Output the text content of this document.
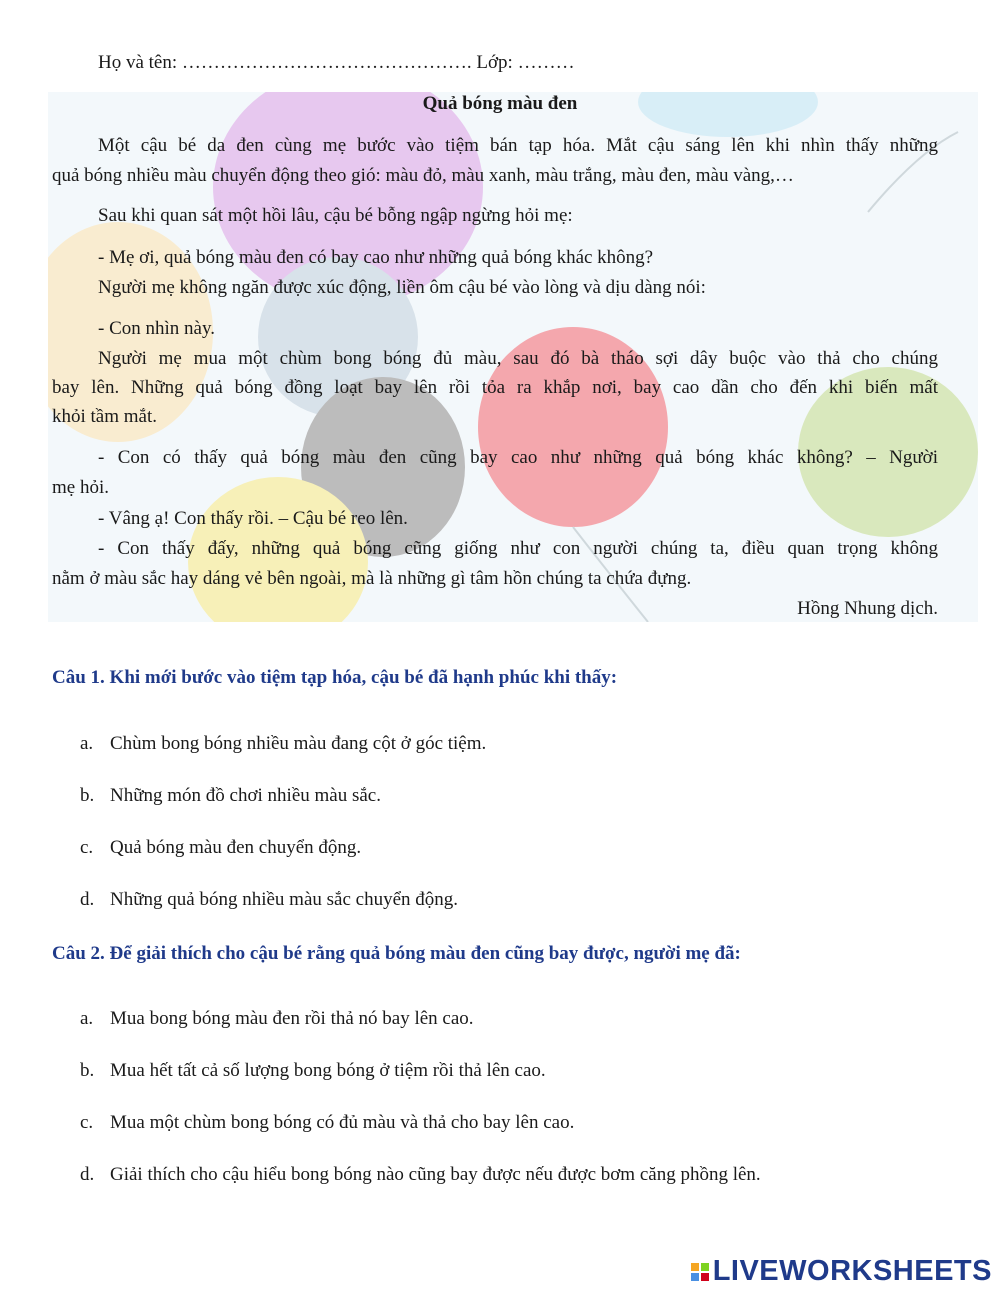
Họ và tên: ………………………………………. Lớp: ………
Quả bóng màu đen
Một cậu bé da đen cùng mẹ bước vào tiệm bán tạp hóa. Mắt cậu sáng lên khi nhìn thấy những
quả bóng nhiều màu chuyển động theo gió: màu đỏ, màu xanh, màu trắng, màu đen, màu vàng,…
Sau khi quan sát một hồi lâu, cậu bé bỗng ngập ngừng hỏi mẹ:
- Mẹ ơi, quả bóng màu đen có bay cao như những quả bóng khác không?
Người mẹ không ngăn được xúc động, liền ôm cậu bé vào lòng và dịu dàng nói:
- Con nhìn này.
Người mẹ mua một chùm bong bóng đủ màu, sau đó bà tháo sợi dây buộc vào thả cho chúng
bay lên. Những quả bóng đồng loạt bay lên rồi tỏa ra khắp nơi, bay cao dần cho đến khi biến mất
khỏi tầm mắt.
- Con có thấy quả bóng màu đen cũng bay cao như những quả bóng khác không? – Người
mẹ hỏi.
- Vâng ạ! Con thấy rồi. – Cậu bé reo lên.
- Con thấy đấy, những quả bóng cũng giống như con người chúng ta, điều quan trọng không
nằm ở màu sắc hay dáng vẻ bên ngoài, mà là những gì tâm hồn chúng ta chứa đựng.
Hồng Nhung dịch.
Câu 1. Khi mới bước vào tiệm tạp hóa, cậu bé đã hạnh phúc khi thấy:
a. Chùm bong bóng nhiều màu đang cột ở góc tiệm.
b. Những món đồ chơi nhiều màu sắc.
c. Quả bóng màu đen chuyển động.
d. Những quả bóng nhiều màu sắc chuyển động.
Câu 2. Để giải thích cho cậu bé rằng quả bóng màu đen cũng bay được, người mẹ đã:
a. Mua bong bóng màu đen rồi thả nó bay lên cao.
b. Mua hết tất cả số lượng bong bóng ở tiệm rồi thả lên cao.
c. Mua một chùm bong bóng có đủ màu và thả cho bay lên cao.
d. Giải thích cho cậu hiểu bong bóng nào cũng bay được nếu được bơm căng phồng lên.
LIVEWORKSHEETS
